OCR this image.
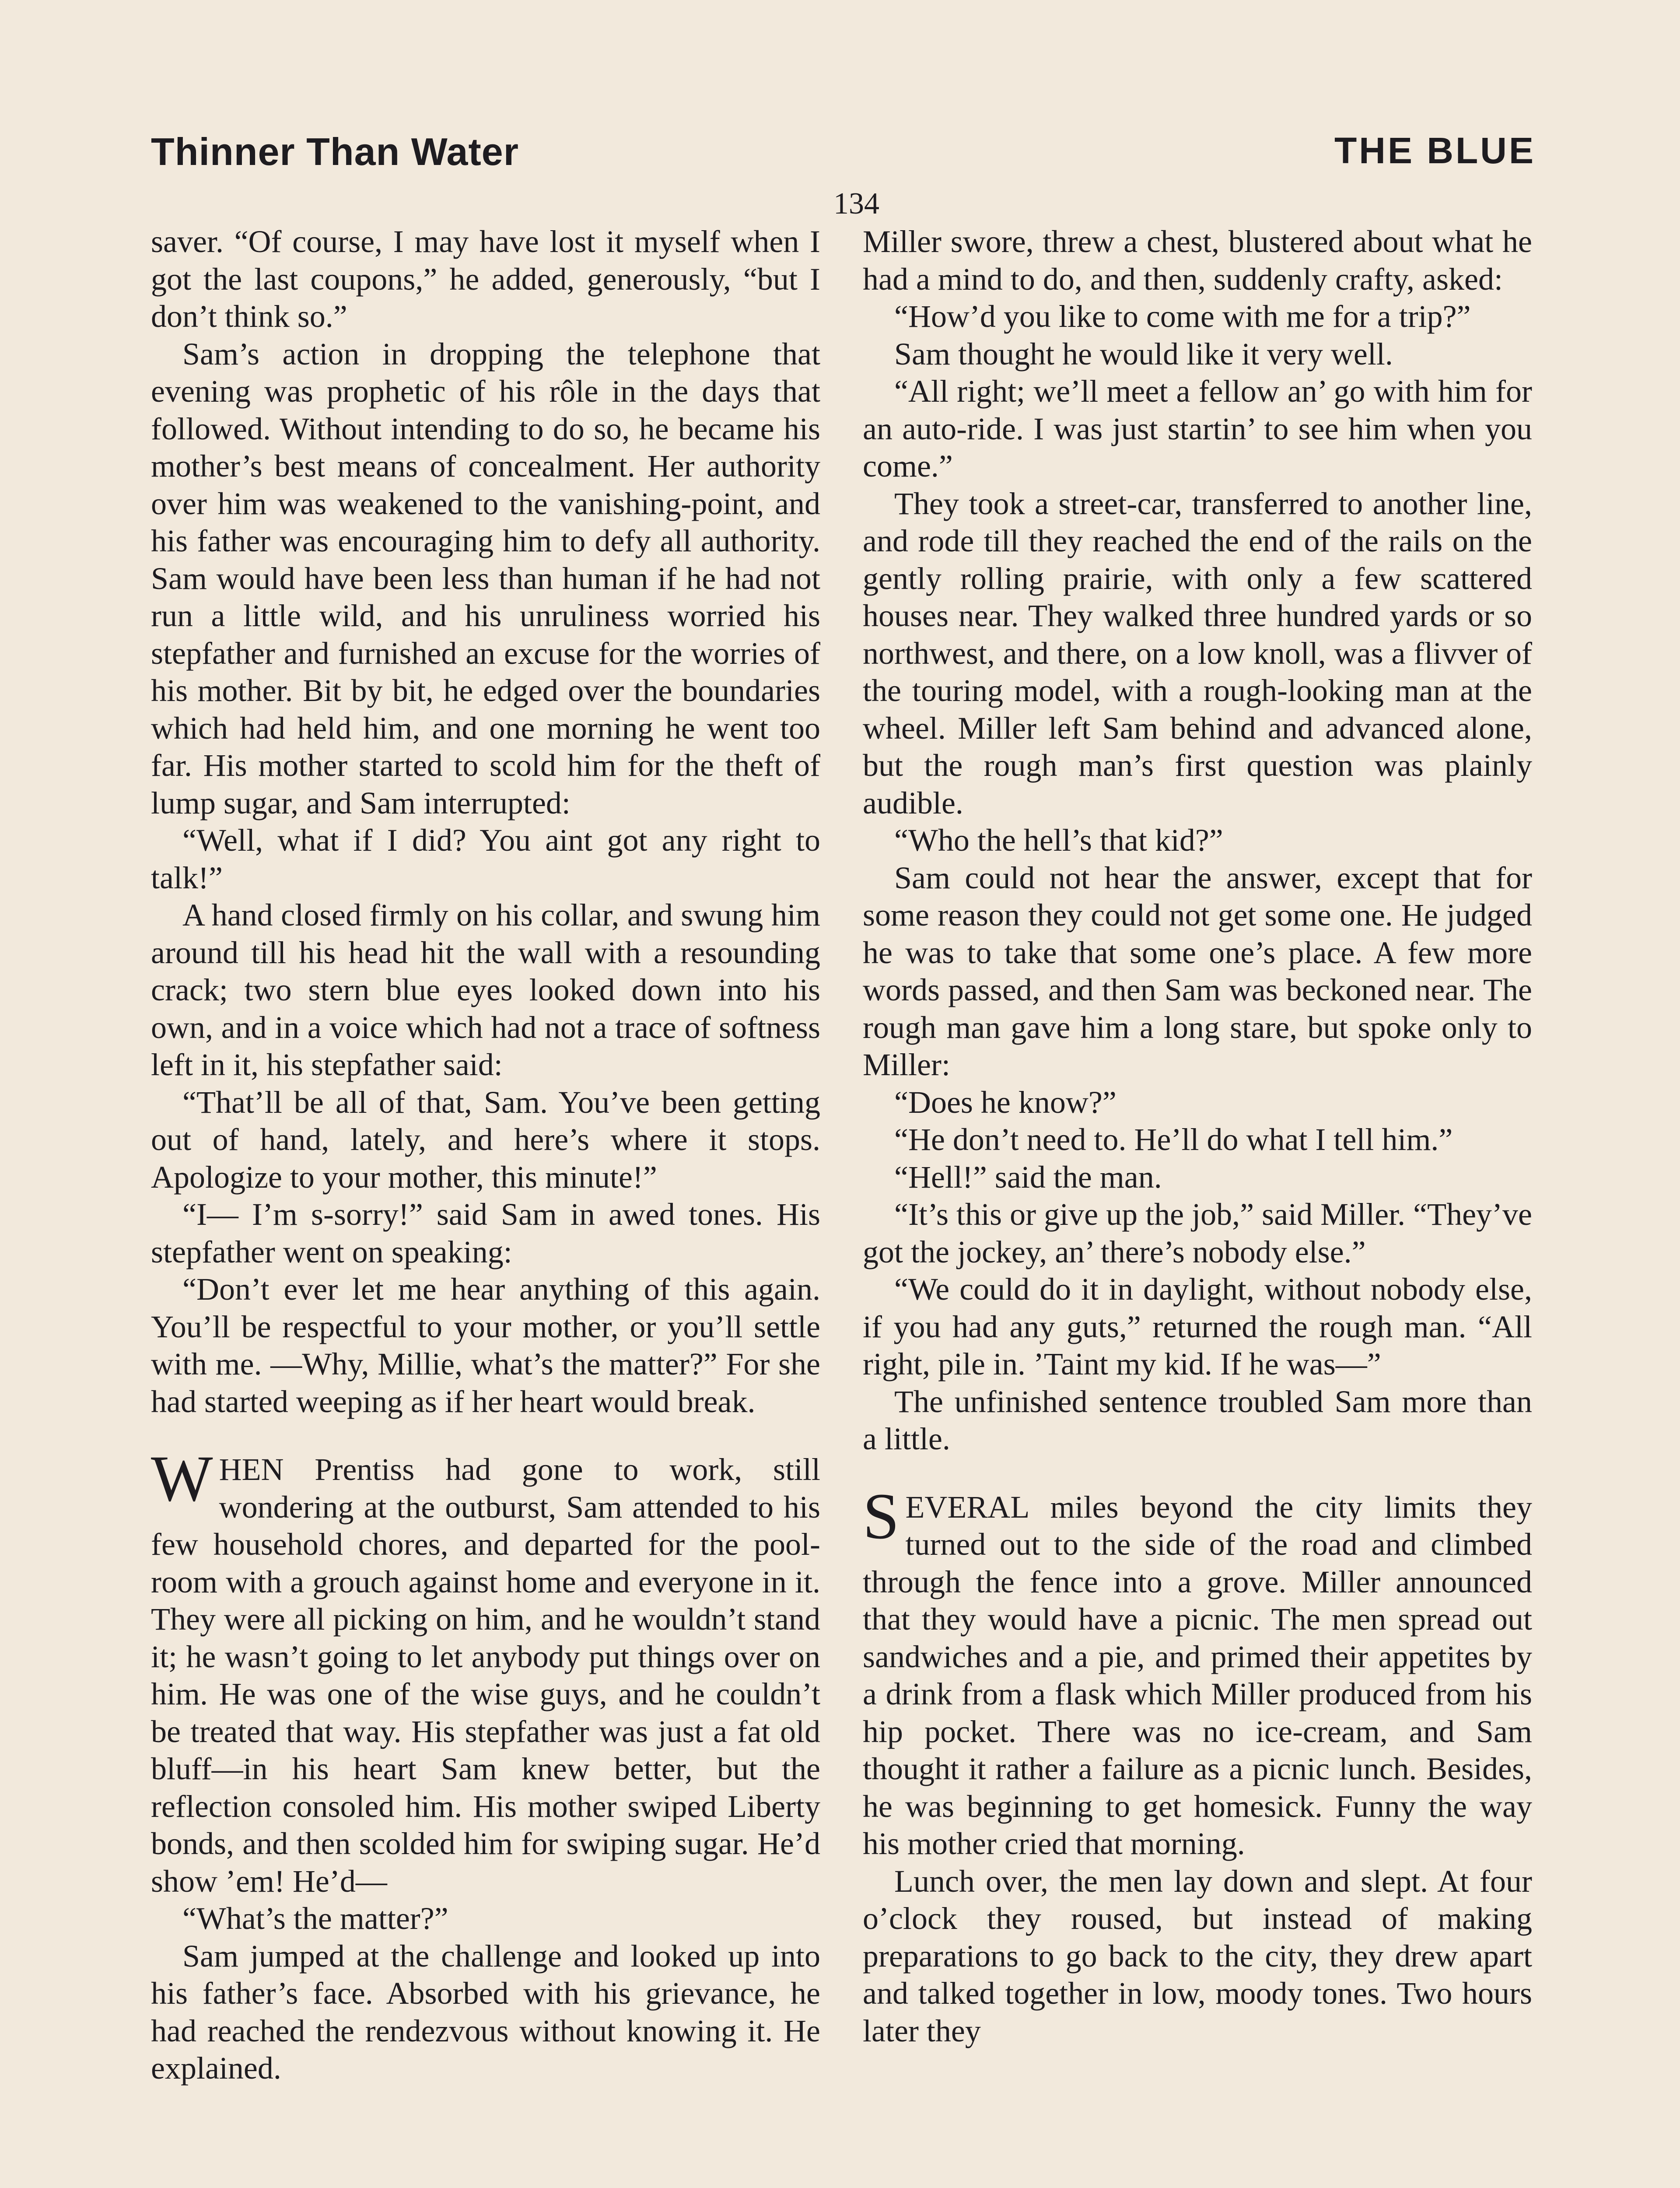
Thinner Than Water	THE BLUE
134

saver. “Of course, I may have lost it myself when I got the last coupons,” he added, generously, “but I don’t think so.”

Sam’s action in dropping the telephone that evening was prophetic of his rôle in the days that followed. Without intending to do so, he became his mother’s best means of concealment. Her authority over him was weakened to the vanishing-point, and his father was encouraging him to defy all authority. Sam would have been less than human if he had not run a little wild, and his unruliness worried his stepfather and furnished an excuse for the worries of his mother. Bit by bit, he edged over the boundaries which had held him, and one morning he went too far. His mother started to scold him for the theft of lump sugar, and Sam interrupted:

“Well, what if I did? You aint got any right to talk!”

A hand closed firmly on his collar, and swung him around till his head hit the wall with a resounding crack; two stern blue eyes looked down into his own, and in a voice which had not a trace of softness left in it, his stepfather said:

“That’ll be all of that, Sam. You’ve been getting out of hand, lately, and here’s where it stops. Apologize to your mother, this minute!”

“I— I’m s-sorry!” said Sam in awed tones. His stepfather went on speaking:

“Don’t ever let me hear anything of this again. You’ll be respectful to your mother, or you’ll settle with me. —Why, Millie, what’s the matter?” For she had started weeping as if her heart would break.

WHEN Prentiss had gone to work, still wondering at the outburst, Sam attended to his few household chores, and departed for the pool-room with a grouch against home and everyone in it. They were all picking on him, and he wouldn’t stand it; he wasn’t going to let anybody put things over on him. He was one of the wise guys, and he couldn’t be treated that way. His stepfather was just a fat old bluff—in his heart Sam knew better, but the reflection consoled him. His mother swiped Liberty bonds, and then scolded him for swiping sugar. He’d show ’em! He’d—

“What’s the matter?”

Sam jumped at the challenge and looked up into his father’s face. Absorbed with his grievance, he had reached the rendezvous without knowing it. He explained.

Miller swore, threw a chest, blustered about what he had a mind to do, and then, suddenly crafty, asked:

“How’d you like to come with me for a trip?”

Sam thought he would like it very well.

“All right; we’ll meet a fellow an’ go with him for an auto-ride. I was just startin’ to see him when you come.”

They took a street-car, transferred to another line, and rode till they reached the end of the rails on the gently rolling prairie, with only a few scattered houses near. They walked three hundred yards or so northwest, and there, on a low knoll, was a flivver of the touring model, with a rough-looking man at the wheel. Miller left Sam behind and advanced alone, but the rough man’s first question was plainly audible.

“Who the hell’s that kid?”

Sam could not hear the answer, except that for some reason they could not get some one. He judged he was to take that some one’s place. A few more words passed, and then Sam was beckoned near. The rough man gave him a long stare, but spoke only to Miller:

“Does he know?”

“He don’t need to. He’ll do what I tell him.”

“Hell!” said the man.

“It’s this or give up the job,” said Miller. “They’ve got the jockey, an’ there’s nobody else.”

“We could do it in daylight, without nobody else, if you had any guts,” returned the rough man. “All right, pile in. ’Taint my kid. If he was—”

The unfinished sentence troubled Sam more than a little.

SEVERAL miles beyond the city limits they turned out to the side of the road and climbed through the fence into a grove. Miller announced that they would have a picnic. The men spread out sandwiches and a pie, and primed their appetites by a drink from a flask which Miller produced from his hip pocket. There was no ice-cream, and Sam thought it rather a failure as a picnic lunch. Besides, he was beginning to get homesick. Funny the way his mother cried that morning.

Lunch over, the men lay down and slept. At four o’clock they roused, but instead of making preparations to go back to the city, they drew apart and talked together in low, moody tones. Two hours later they
